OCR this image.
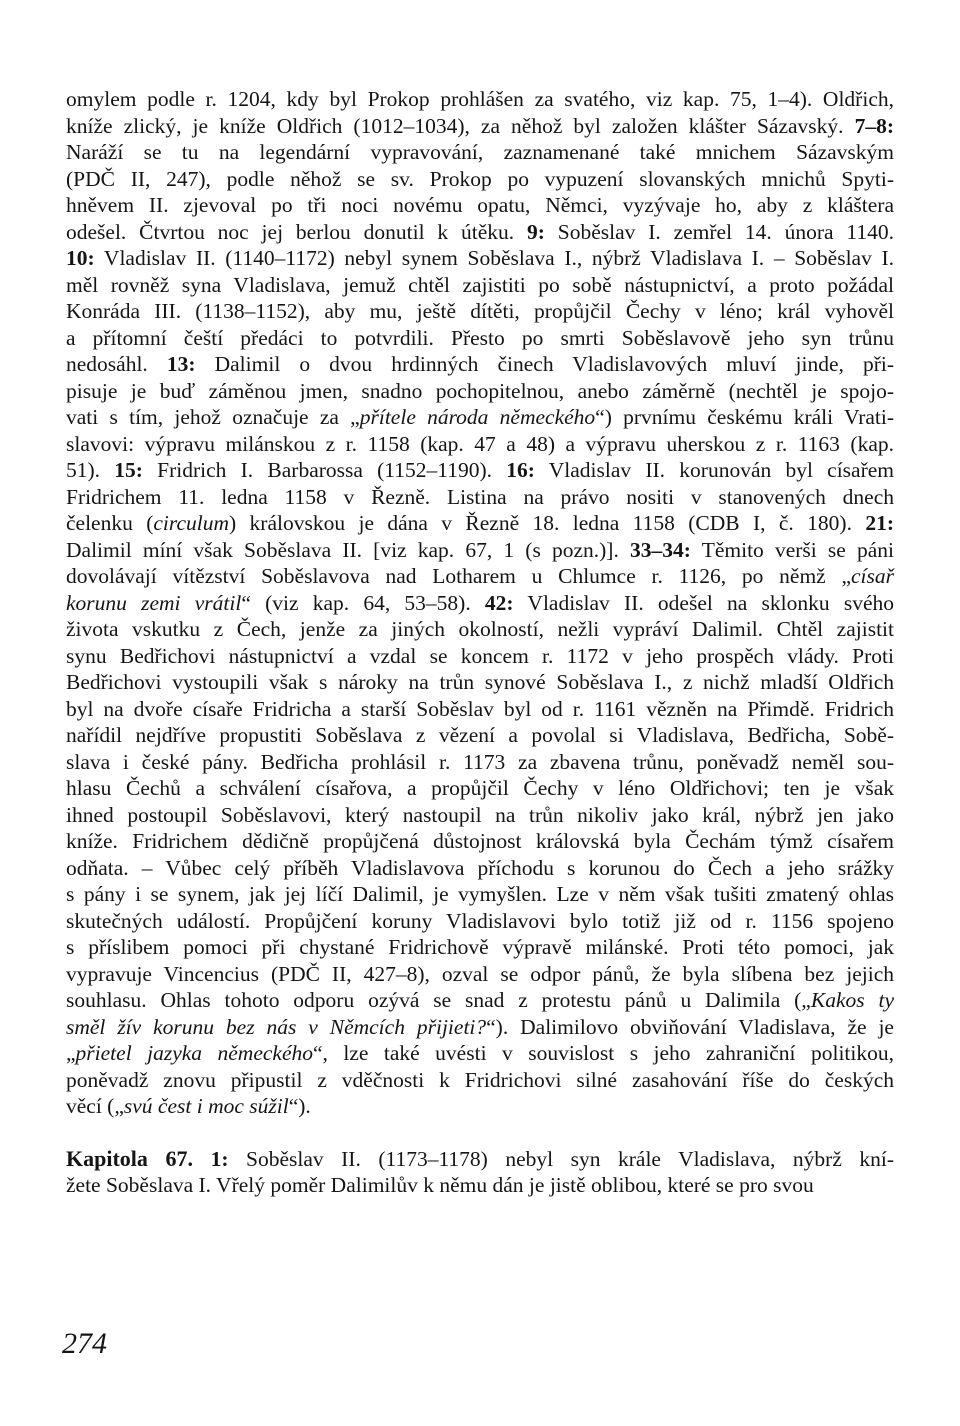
omylem podle r. 1204, kdy byl Prokop prohlášen za svatého, viz kap. 75, 1–4). Oldřich,
kníže zlický, je kníže Oldřich (1012–1034), za něhož byl založen klášter Sázavský. 7–8:
Naráží se tu na legendární vypravování, zaznamenané také mnichem Sázavským
(PDČ II, 247), podle něhož se sv. Prokop po vypuzení slovanských mnichů Spyti-
hněvem II. zjevoval po tři noci novému opatu, Němci, vyzývaje ho, aby z kláštera
odešel. Čtvrtou noc jej berlou donutil k útěku. 9: Soběslav I. zemřel 14. února 1140.
10: Vladislav II. (1140–1172) nebyl synem Soběslava I., nýbrž Vladislava I. – Soběslav I.
měl rovněž syna Vladislava, jemuž chtěl zajistiti po sobě nástupnictví, a proto požádal
Konráda III. (1138–1152), aby mu, ještě dítěti, propůjčil Čechy v léno; král vyhověl
a přítomní čeští předáci to potvrdili. Přesto po smrti Soběslavově jeho syn trůnu
nedosáhl. 13: Dalimil o dvou hrdinných činech Vladislavových mluví jinde, při-
pisuje je buď záměnou jmen, snadno pochopitelnou, anebo záměrně (nechtěl je spojo-
vati s tím, jehož označuje za „přítele národa německého“) prvnímu českému králi Vrati-
slavovi: výpravu milánskou z r. 1158 (kap. 47 a 48) a výpravu uherskou z r. 1163 (kap.
51). 15: Fridrich I. Barbarossa (1152–1190). 16: Vladislav II. korunován byl císařem
Fridrichem 11. ledna 1158 v Řezně. Listina na právo nositi v stanovených dnech
čelenku (circulum) královskou je dána v Řezně 18. ledna 1158 (CDB I, č. 180). 21:
Dalimil míní však Soběslava II. [viz kap. 67, 1 (s pozn.)]. 33–34: Těmito verši se páni
dovolávají vítězství Soběslavova nad Lotharem u Chlumce r. 1126, po němž „císař
korunu zemi vrátil“ (viz kap. 64, 53–58). 42: Vladislav II. odešel na sklonku svého
života vskutku z Čech, jenže za jiných okolností, nežli vypráví Dalimil. Chtěl zajistit
synu Bedřichovi nástupnictví a vzdal se koncem r. 1172 v jeho prospěch vlády. Proti
Bedřichovi vystoupili však s nároky na trůn synové Soběslava I., z nichž mladší Oldřich
byl na dvoře císaře Fridricha a starší Soběslav byl od r. 1161 vězněn na Přimdě. Fridrich
nařídil nejdříve propustiti Soběslava z vězení a povolal si Vladislava, Bedřicha, Sobě-
slava i české pány. Bedřicha prohlásil r. 1173 za zbavena trůnu, poněvadž neměl sou-
hlasu Čechů a schválení císařova, a propůjčil Čechy v léno Oldřichovi; ten je však
ihned postoupil Soběslavovi, který nastoupil na trůn nikoliv jako král, nýbrž jen jako
kníže. Fridrichem dědičně propůjčená důstojnost královská byla Čechám týmž císařem
odňata. – Vůbec celý příběh Vladislavova příchodu s korunou do Čech a jeho srážky
s pány i se synem, jak jej líčí Dalimil, je vymyšlen. Lze v něm však tušiti zmatený ohlas
skutečných událostí. Propůjčení koruny Vladislavovi bylo totiž již od r. 1156 spojeno
s příslibem pomoci při chystané Fridrichově výpravě milánské. Proti této pomoci, jak
vypravuje Vincencius (PDČ II, 427–8), ozval se odpor pánů, že byla slíbena bez jejich
souhlasu. Ohlas tohoto odporu ozývá se snad z protestu pánů u Dalimila („Kakos ty
směl žív korunu bez nás v Němcích přijieti?“). Dalimilovo obviňování Vladislava, že je
„přietel jazyka německého“, lze také uvésti v souvislost s jeho zahraniční politikou,
poněvadž znovu připustil z vděčnosti k Fridrichovi silné zasahování říše do českých
věcí („svú čest i moc súžil“).
Kapitola 67. 1: Soběslav II. (1173–1178) nebyl syn krále Vladislava, nýbrž kní-
žete Soběslava I. Vřelý poměr Dalimilův k němu dán je jistě oblibou, které se pro svou
274
